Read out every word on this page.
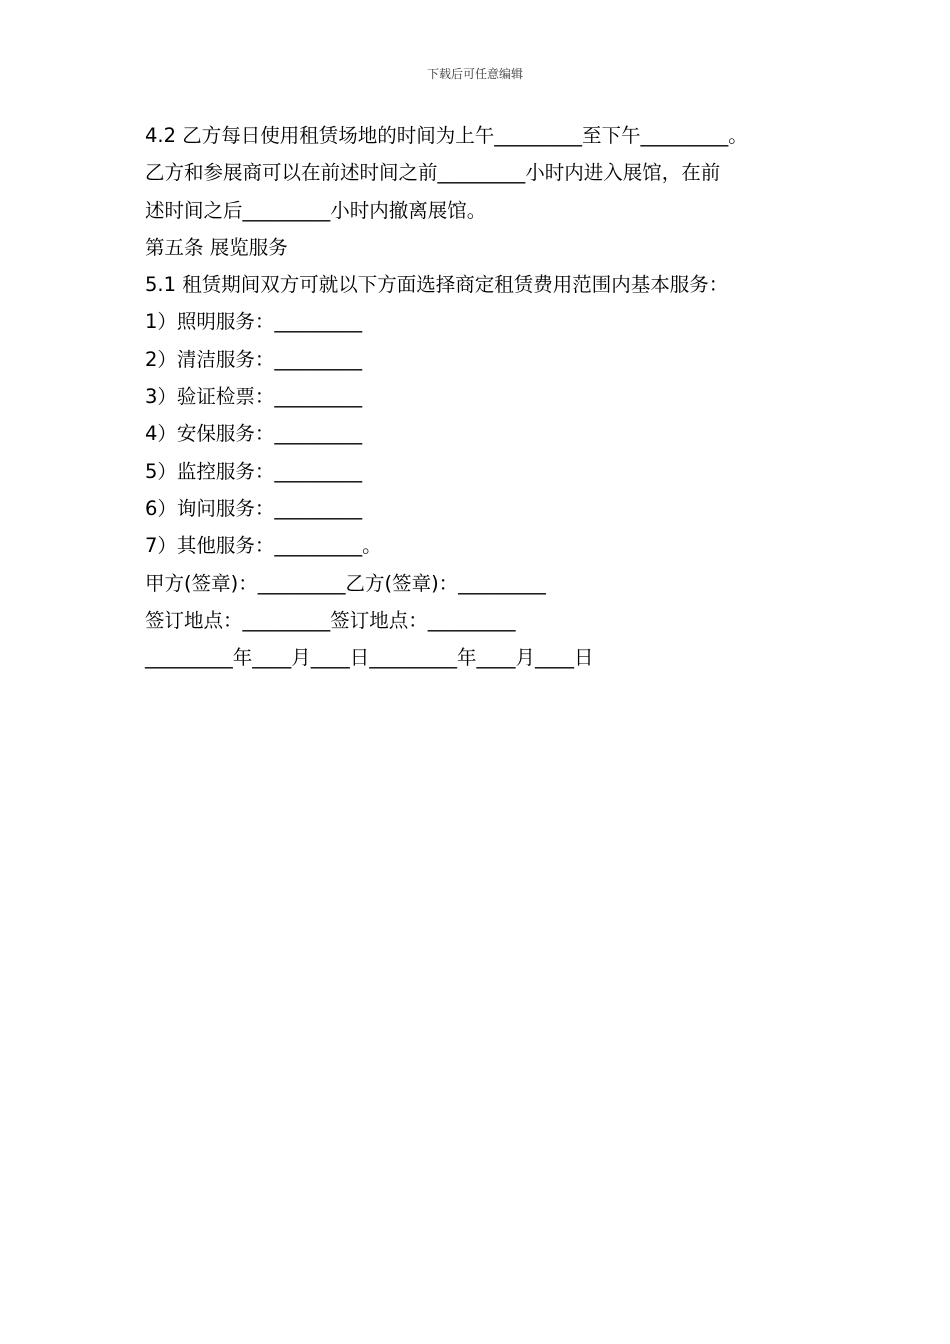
下载后可任意编辑
4.2 乙方每日使用租赁场地的时间为上午_________至下午_________。
乙方和参展商可以在前述时间之前_________小时内进入展馆，在前
述时间之后_________小时内撤离展馆。
第五条 展览服务
5.1 租赁期间双方可就以下方面选择商定租赁费用范围内基本服务：
1）照明服务：_________
2）清洁服务：_________
3）验证检票：_________
4）安保服务：_________
5）监控服务：_________
6）询问服务：_________
7）其他服务：_________。
甲方(签章)：_________乙方(签章)：_________
签订地点：_________签订地点：_________
_________年____月____日_________年____月____日
